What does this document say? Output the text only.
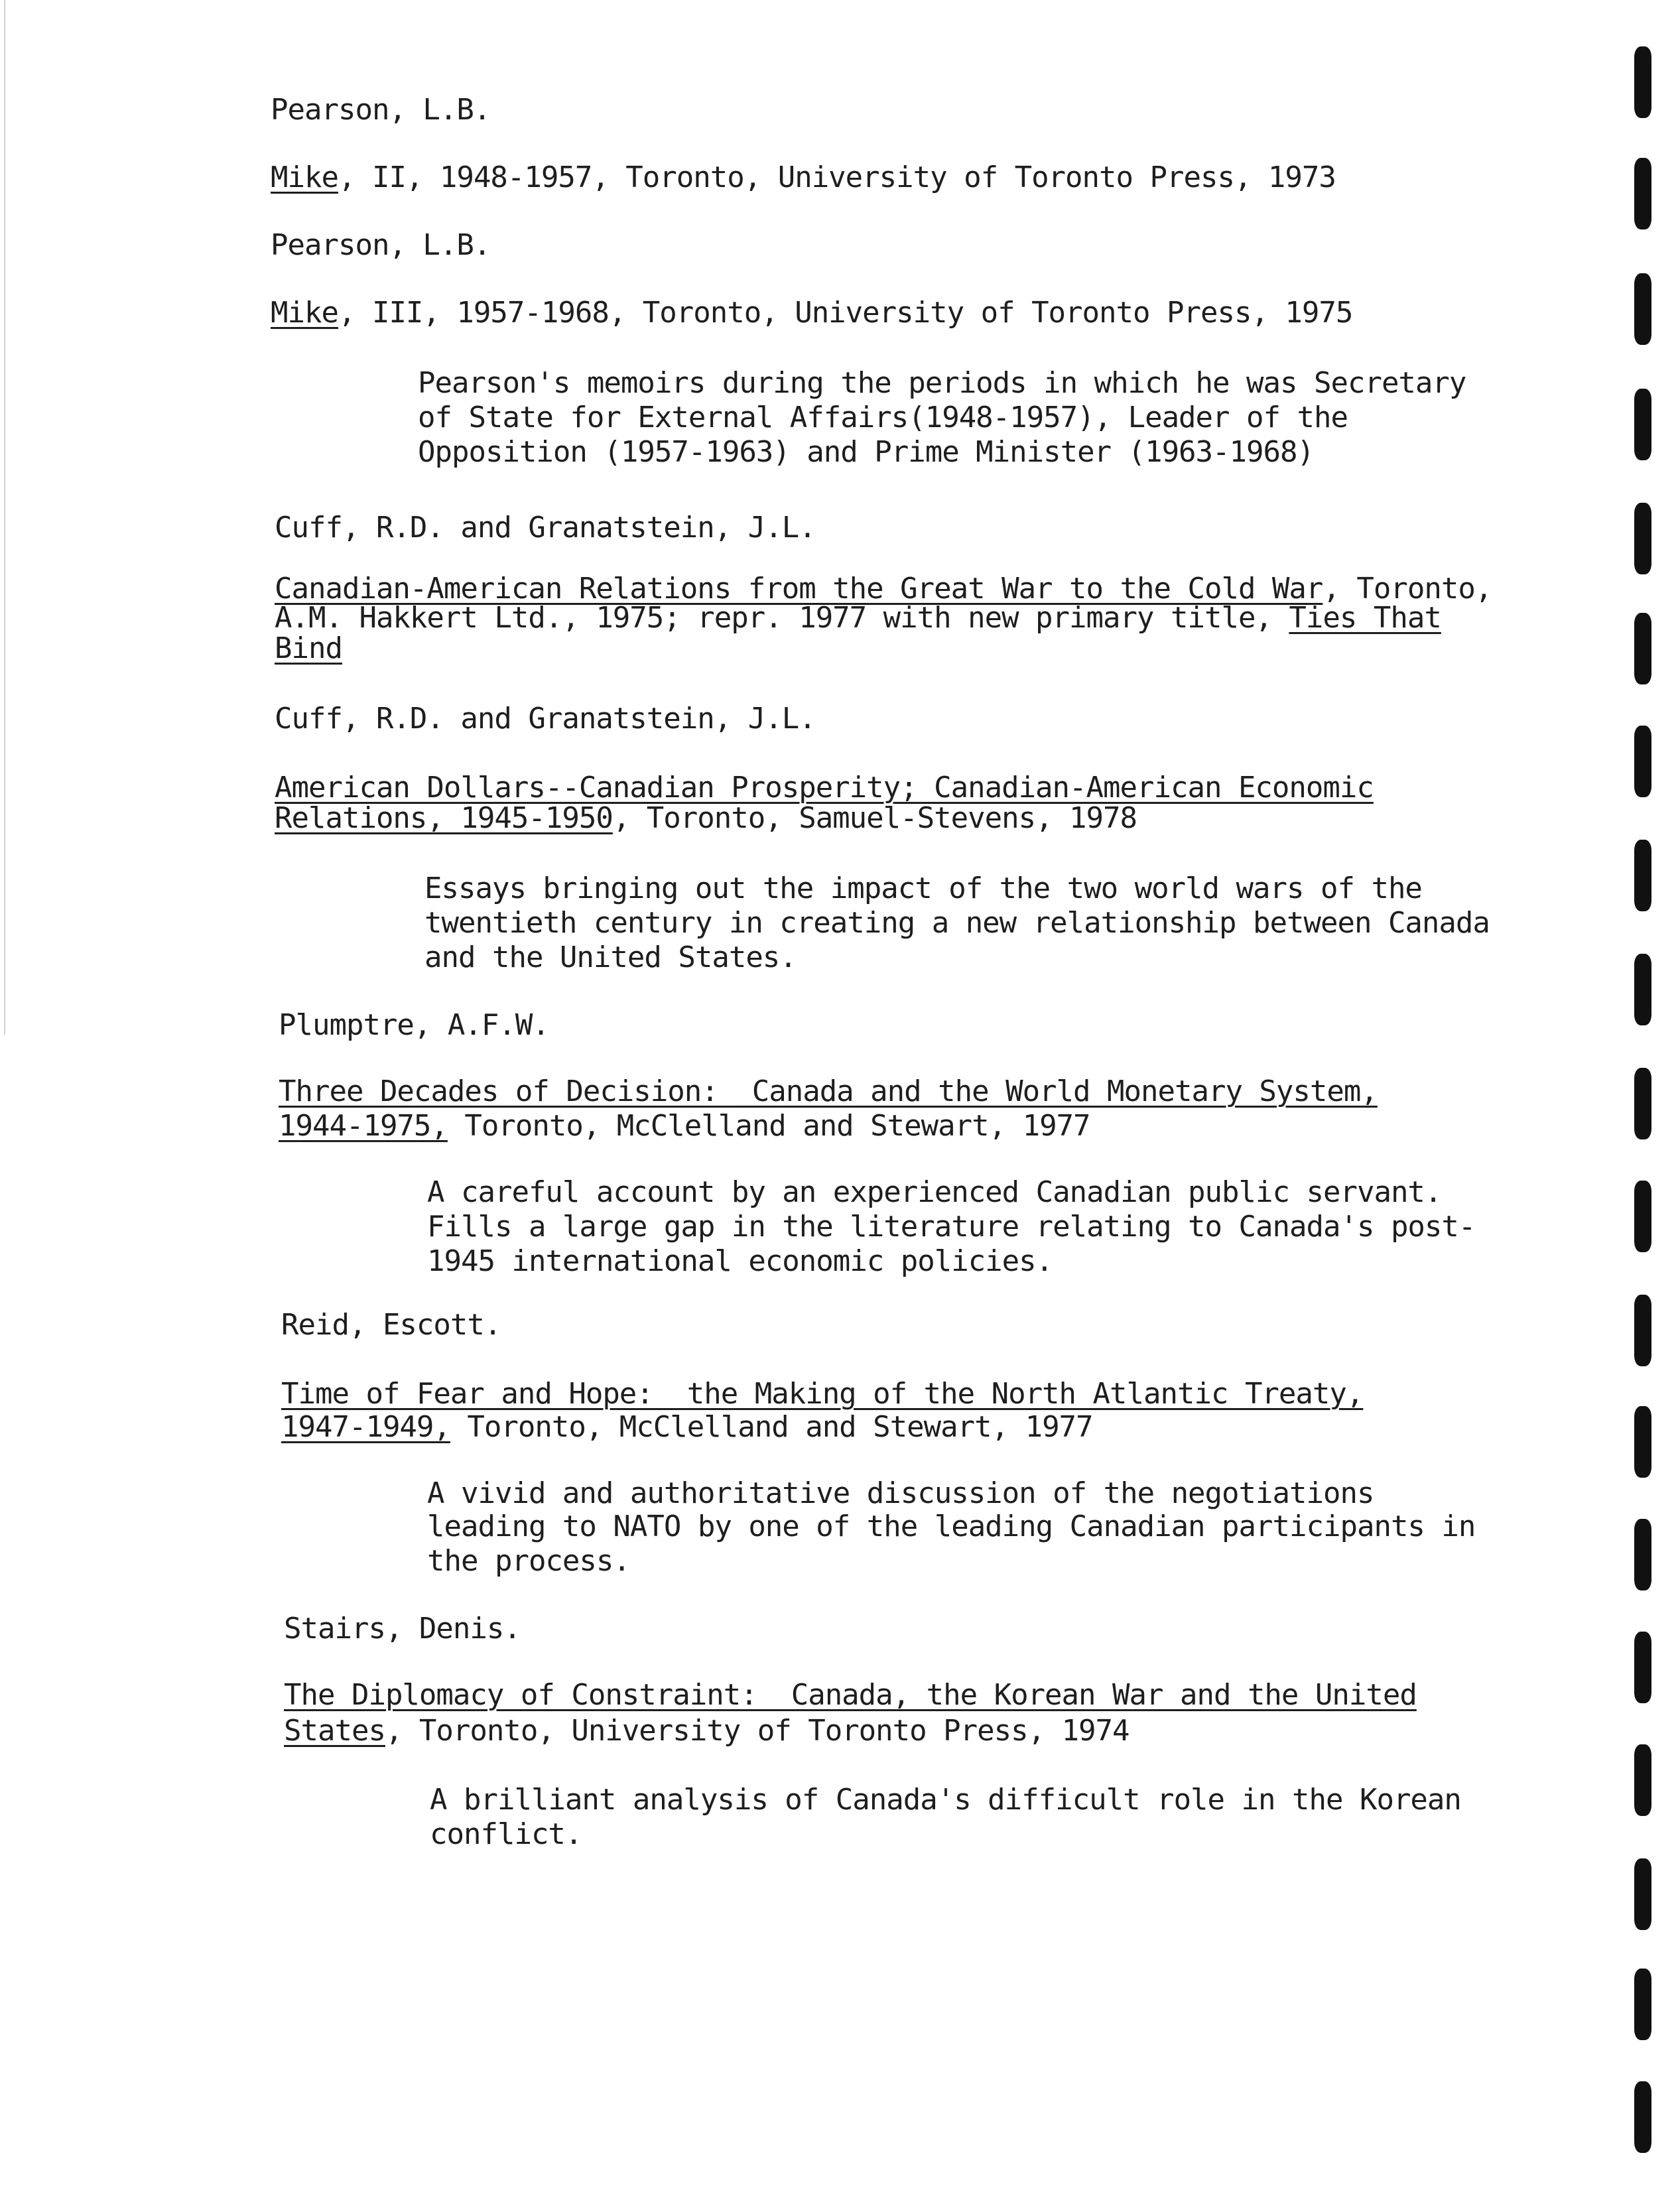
Pearson, L.B.
Mike, II, 1948-1957, Toronto, University of Toronto Press, 1973
Pearson, L.B.
Mike, III, 1957-1968, Toronto, University of Toronto Press, 1975
Pearson's memoirs during the periods in which he was Secretary
of State for External Affairs(1948-1957), Leader of the
Opposition (1957-1963) and Prime Minister (1963-1968)
Cuff, R.D. and Granatstein, J.L.
Canadian-American Relations from the Great War to the Cold War, Toronto,
A.M. Hakkert Ltd., 1975; repr. 1977 with new primary title, Ties That
Bind
Cuff, R.D. and Granatstein, J.L.
American Dollars--Canadian Prosperity; Canadian-American Economic
Relations, 1945-1950, Toronto, Samuel-Stevens, 1978
Essays bringing out the impact of the two world wars of the
twentieth century in creating a new relationship between Canada
and the United States.
Plumptre, A.F.W.
Three Decades of Decision:  Canada and the World Monetary System,
1944-1975, Toronto, McClelland and Stewart, 1977
A careful account by an experienced Canadian public servant.
Fills a large gap in the literature relating to Canada's post-
1945 international economic policies.
Reid, Escott.
Time of Fear and Hope:  the Making of the North Atlantic Treaty,
1947-1949, Toronto, McClelland and Stewart, 1977
A vivid and authoritative discussion of the negotiations
leading to NATO by one of the leading Canadian participants in
the process.
Stairs, Denis.
The Diplomacy of Constraint:  Canada, the Korean War and the United
States, Toronto, University of Toronto Press, 1974
A brilliant analysis of Canada's difficult role in the Korean
conflict.
